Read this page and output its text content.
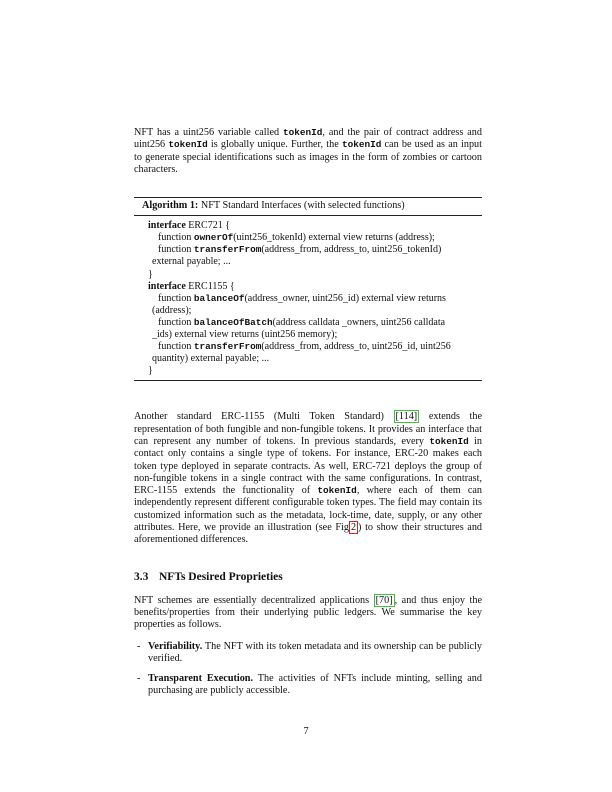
NFT has a uint256 variable called tokenId, and the pair of contract address and uint256 tokenId is globally unique. Further, the tokenId can be used as an input to generate special identifications such as images in the form of zombies or cartoon characters.

Algorithm 1: NFT Standard Interfaces (with selected functions)
interface ERC721 {
function ownerOf(uint256_tokenId) external view returns (address);
function transferFrom(address_from, address_to, uint256_tokenId)
external payable; ...
}
interface ERC1155 {
function balanceOf(address_owner, uint256_id) external view returns
(address);
function balanceOfBatch(address calldata _owners, uint256 calldata
_ids) external view returns (uint256 memory);
function transferFrom(address_from, address_to, uint256_id, uint256
quantity) external payable; ...
}

Another standard ERC-1155 (Multi Token Standard) [114] extends the representation of both fungible and non-fungible tokens. It provides an interface that can represent any number of tokens. In previous standards, every tokenId in contact only contains a single type of tokens. For instance, ERC-20 makes each token type deployed in separate contracts. As well, ERC-721 deploys the group of non-fungible tokens in a single contract with the same configurations. In contrast, ERC-1155 extends the functionality of tokenId, where each of them can independently represent different configurable token types. The field may contain its customized information such as the metadata, lock-time, date, supply, or any other attributes. Here, we provide an illustration (see Fig 2 ) to show their structures and aforementioned differences.

3.3 NFTs Desired Proprieties

NFT schemes are essentially decentralized applications [70] , and thus enjoy the benefits/properties from their underlying public ledgers. We summarise the key properties as follows.

- Verifiability. The NFT with its token metadata and its ownership can be publicly verified.
- Transparent Execution. The activities of NFTs include minting, selling and purchasing are publicly accessible.
7
